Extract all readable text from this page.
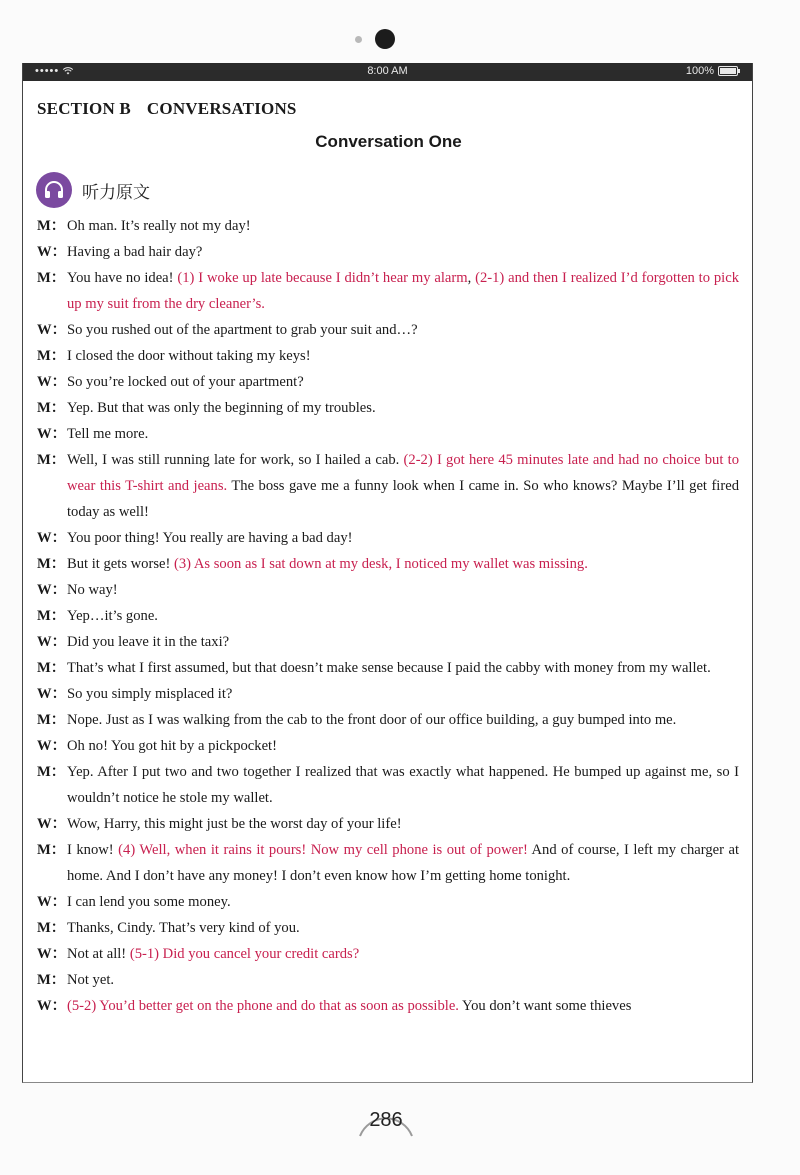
•••••	8:00 AM	100%
SECTION B CONVERSATIONS
Conversation One
听力原文
M： Oh man. It’s really not my day!
W： Having a bad hair day?
M： You have no idea! (1) I woke up late because I didn’t hear my alarm, (2-1) and then I realized I’d forgotten to pick up my suit from the dry cleaner’s.
W： So you rushed out of the apartment to grab your suit and…?
M： I closed the door without taking my keys!
W： So you’re locked out of your apartment?
M： Yep. But that was only the beginning of my troubles.
W： Tell me more.
M： Well, I was still running late for work, so I hailed a cab. (2-2) I got here 45 minutes late and had no choice but to wear this T-shirt and jeans. The boss gave me a funny look when I came in. So who knows? Maybe I’ll get fired today as well!
W： You poor thing! You really are having a bad day!
M： But it gets worse! (3) As soon as I sat down at my desk, I noticed my wallet was missing.
W： No way!
M： Yep…it’s gone.
W： Did you leave it in the taxi?
M： That’s what I first assumed, but that doesn’t make sense because I paid the cabby with money from my wallet.
W： So you simply misplaced it?
M： Nope. Just as I was walking from the cab to the front door of our office building, a guy bumped into me.
W： Oh no! You got hit by a pickpocket!
M： Yep. After I put two and two together I realized that was exactly what happened. He bumped up against me, so I wouldn’t notice he stole my wallet.
W： Wow, Harry, this might just be the worst day of your life!
M： I know! (4) Well, when it rains it pours! Now my cell phone is out of power! And of course, I left my charger at home. And I don’t have any money! I don’t even know how I’m getting home tonight.
W： I can lend you some money.
M： Thanks, Cindy. That’s very kind of you.
W： Not at all! (5-1) Did you cancel your credit cards?
M： Not yet.
W： (5-2) You’d better get on the phone and do that as soon as possible. You don’t want some thieves
286
